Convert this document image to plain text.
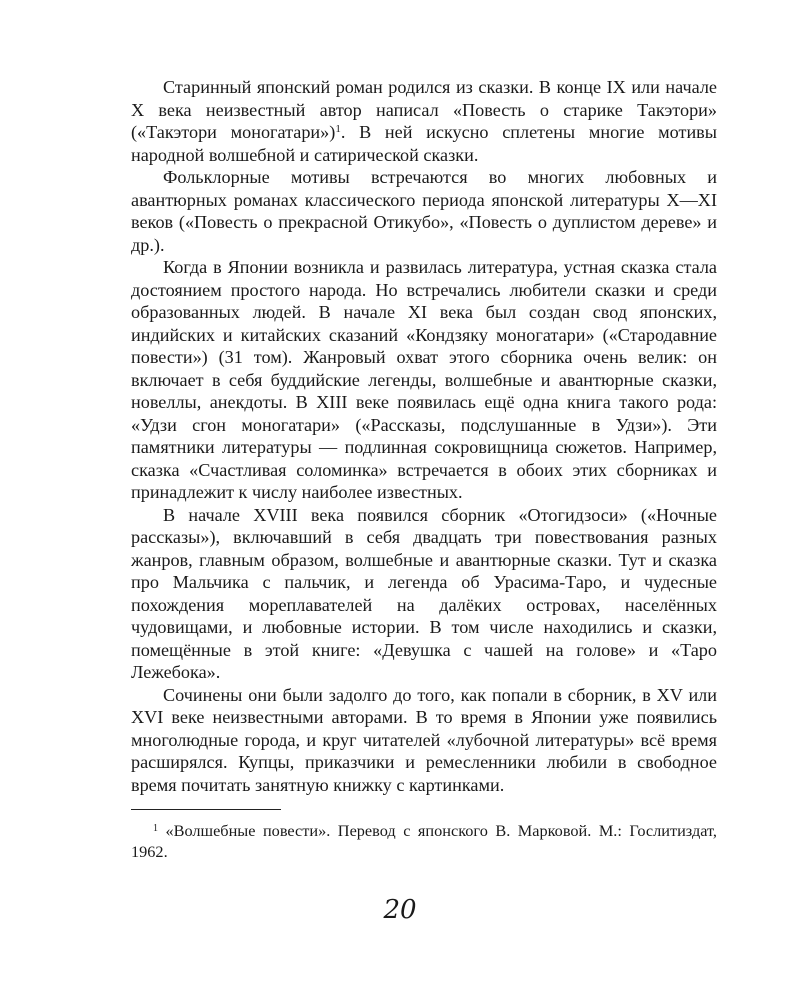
Старинный японский роман родился из сказки. В конце IX или начале X века неизвестный автор написал «Повесть о старике Такэтори» («Такэтори моногатари»)$^1$. В ней искусно сплетены многие мотивы народной волшебной и сатирической сказки.

Фольклорные мотивы встречаются во многих любовных и авантюрных романах классического периода японской литературы X—XI веков («Повесть о прекрасной Отикубо», «Повесть о дуплистом дереве» и др.).

Когда в Японии возникла и развилась литература, устная сказка стала достоянием простого народа. Но встречались любители сказки и среди образованных людей. В начале XI века был создан свод японских, индийских и китайских сказаний «Кондзяку моногатари» («Стародавние повести») (31 том). Жанровый охват этого сборника очень велик: он включает в себя буддийские легенды, волшебные и авантюрные сказки, новеллы, анекдоты. В XIII веке появилась ещё одна книга такого рода: «Удзи сгон моногатари» («Рассказы, подслушанные в Удзи»). Эти памятники литературы — подлинная сокровищница сюжетов. Например, сказка «Счастливая соломинка» встречается в обоих этих сборниках и принадлежит к числу наиболее известных.

В начале XVIII века появился сборник «Отогидзоси» («Ночные рассказы»), включавший в себя двадцать три повествования разных жанров, главным образом, волшебные и авантюрные сказки. Тут и сказка про Мальчика с пальчик, и легенда об Урасима-Таро, и чудесные похождения мореплавателей на далёких островах, населённых чудовищами, и любовные истории. В том числе находились и сказки, помещённые в этой книге: «Девушка с чашей на голове» и «Таро Лежебока».

Сочинены они были задолго до того, как попали в сборник, в XV или XVI веке неизвестными авторами. В то время в Японии уже появились многолюдные города, и круг читателей «лубочной литературы» всё время расширялся. Купцы, приказчики и ремесленники любили в свободное время почитать занятную книжку с картинками.

$^1$ «Волшебные повести». Перевод с японского В. Марковой. М.: Гослитиздат, 1962.

20
